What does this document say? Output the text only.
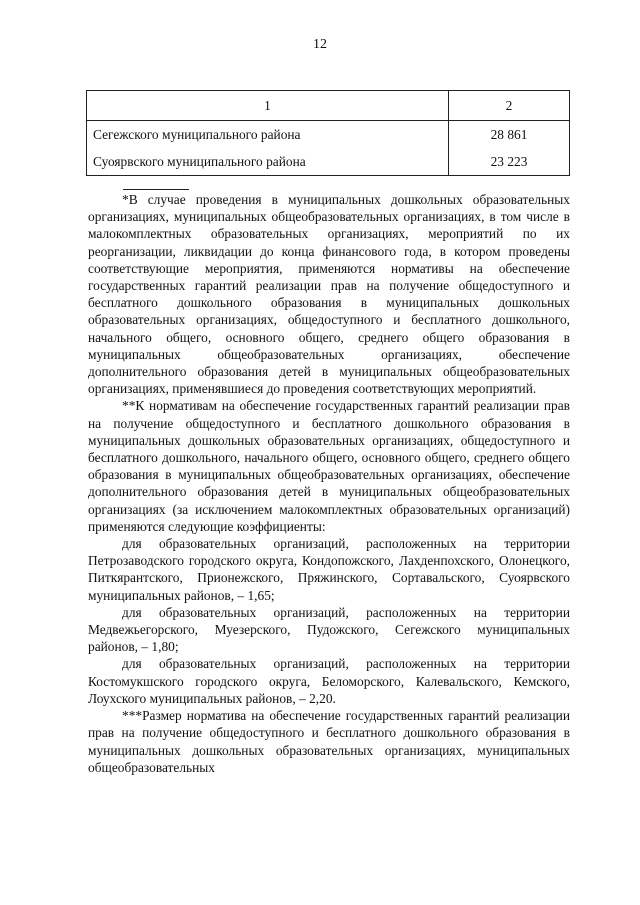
12
1	2
Сегежского муниципального района	28 861
Суоярвского муниципального района	23 223

*В случае проведения в муниципальных дошкольных образовательных организациях, муниципальных общеобразовательных организациях, в том числе в малокомплектных образовательных организациях, мероприятий по их реорганизации, ликвидации до конца финансового года, в котором проведены соответствующие мероприятия, применяются нормативы на обеспечение государственных гарантий реализации прав на получение общедоступного и бесплатного дошкольного образования в муниципальных дошкольных образовательных организациях, общедоступного и бесплатного дошкольного, начального общего, основного общего, среднего общего образования в муниципальных общеобразовательных организациях, обеспечение дополнительного образования детей в муниципальных общеобразовательных организациях, применявшиеся до проведения соответствующих мероприятий.

**К нормативам на обеспечение государственных гарантий реализации прав на получение общедоступного и бесплатного дошкольного образования в муниципальных дошкольных образовательных организациях, общедоступного и бесплатного дошкольного, начального общего, основного общего, среднего общего образования в муниципальных общеобразовательных организациях, обеспечение дополнительного образования детей в муниципальных общеобразовательных организациях (за исключением малокомплектных образовательных организаций) применяются следующие коэффициенты:

для образовательных организаций, расположенных на территории Петрозаводского городского округа, Кондопожского, Лахденпохского, Олонецкого, Питкярантского, Прионежского, Пряжинского, Сортавальского, Суоярвского муниципальных районов, – 1,65;

для образовательных организаций, расположенных на территории Медвежьегорского, Муезерского, Пудожского, Сегежского муниципальных районов, – 1,80;

для образовательных организаций, расположенных на территории Костомукшского городского округа, Беломорского, Калевальского, Кемского, Лоухского муниципальных районов, – 2,20.

***Размер норматива на обеспечение государственных гарантий реализации прав на получение общедоступного и бесплатного дошкольного образования в муниципальных дошкольных образовательных организациях, муниципальных общеобразовательных
